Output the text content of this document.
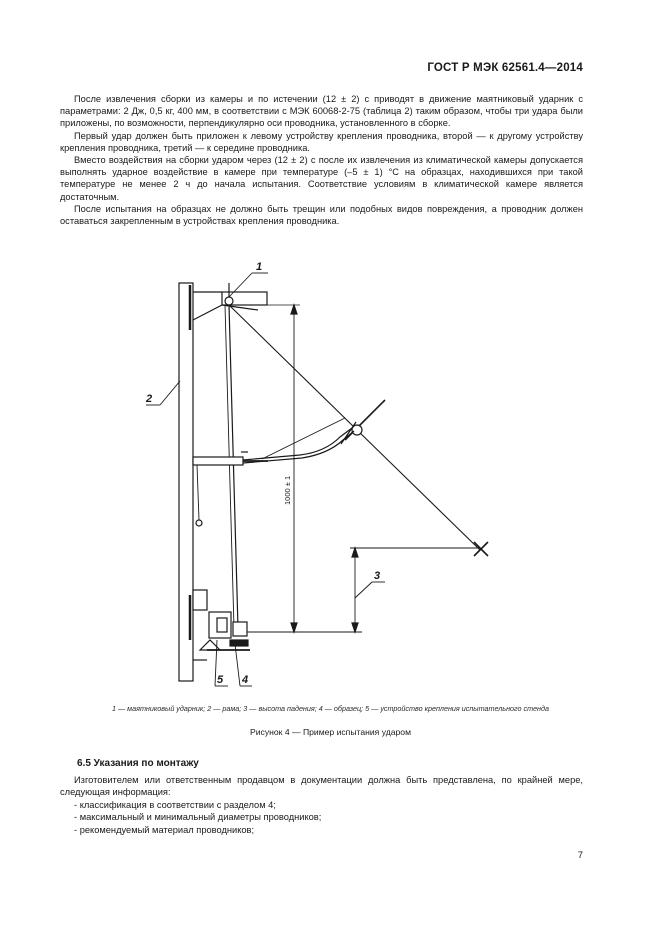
ГОСТ Р МЭК 62561.4—2014

После извлечения сборки из камеры и по истечении (12 ± 2) с приводят в движение маятниковый ударник с параметрами: 2 Дж, 0,5 кг, 400 мм, в соответствии с МЭК 60068-2-75 (таблица 2) таким образом, чтобы три удара были приложены, по возможности, перпендикулярно оси проводника, установленного в сборке.

Первый удар должен быть приложен к левому устройству крепления проводника, второй — к другому устройству крепления проводника, третий — к середине проводника.

Вместо воздействия на сборки ударом через (12 ± 2) с после их извлечения из климатической камеры допускается выполнять ударное воздействие в камере при температуре (–5 ± 1) °С на образцах, находившихся при такой температуре не менее 2 ч до начала испытания. Соответствие условиям в климатической камере является достаточным.

После испытания на образцах не должно быть трещин или подобных видов повреждения, а проводник должен оставаться закрепленным в устройствах крепления проводника.

1
2
3
4
5
1000 ± 1
1 — маятниковый ударник; 2 — рама; 3 — высота падения; 4 — образец; 5 — устройство крепления испытательного стенда
Рисунок 4 — Пример испытания ударом
6.5 Указания по монтажу

Изготовителем или ответственным продавцом в документации должна быть представлена, по крайней мере, следующая информация:

- классификация в соответствии с разделом 4;
- максимальный и минимальный диаметры проводников;
- рекомендуемый материал проводников;
7
